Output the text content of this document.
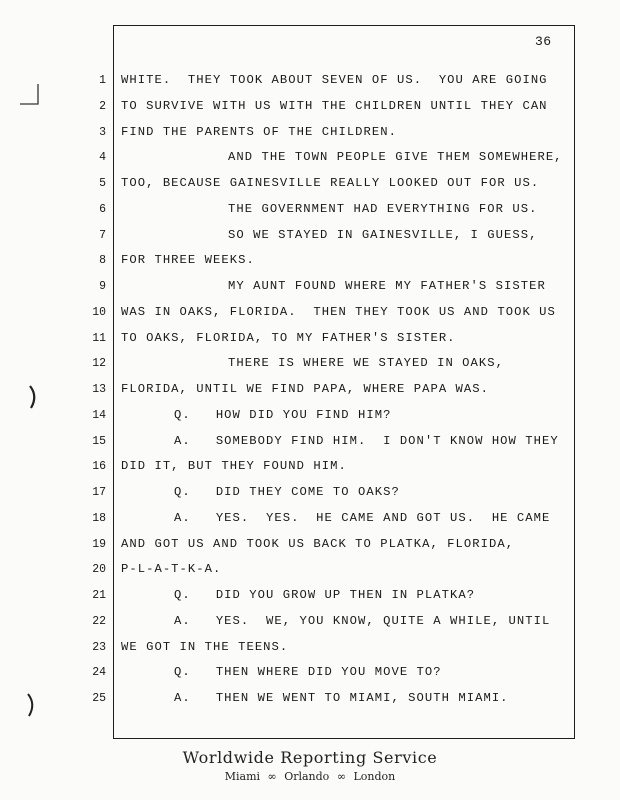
36
1 WHITE.  THEY TOOK ABOUT SEVEN OF US.  YOU ARE GOING
2 TO SURVIVE WITH US WITH THE CHILDREN UNTIL THEY CAN
3 FIND THE PARENTS OF THE CHILDREN.
4	AND THE TOWN PEOPLE GIVE THEM SOMEWHERE,
5 TOO, BECAUSE GAINESVILLE REALLY LOOKED OUT FOR US.
6	THE GOVERNMENT HAD EVERYTHING FOR US.
7	SO WE STAYED IN GAINESVILLE, I GUESS,
8 FOR THREE WEEKS.
9	MY AUNT FOUND WHERE MY FATHER'S SISTER
10 WAS IN OAKS, FLORIDA.  THEN THEY TOOK US AND TOOK US
11 TO OAKS, FLORIDA, TO MY FATHER'S SISTER.
12	THERE IS WHERE WE STAYED IN OAKS,
13 FLORIDA, UNTIL WE FIND PAPA, WHERE PAPA WAS.
14	Q.   HOW DID YOU FIND HIM?
15	A.   SOMEBODY FIND HIM.  I DON'T KNOW HOW THEY
16 DID IT, BUT THEY FOUND HIM.
17	Q.   DID THEY COME TO OAKS?
18	A.   YES.  YES.  HE CAME AND GOT US.  HE CAME
19 AND GOT US AND TOOK US BACK TO PLATKA, FLORIDA,
20 P-L-A-T-K-A.
21	Q.   DID YOU GROW UP THEN IN PLATKA?
22	A.   YES.  WE, YOU KNOW, QUITE A WHILE, UNTIL
23 WE GOT IN THE TEENS.
24	Q.   THEN WHERE DID YOU MOVE TO?
25	A.   THEN WE WENT TO MIAMI, SOUTH MIAMI.
Worldwide Reporting Service
Miami ∞ Orlando ∞ London
